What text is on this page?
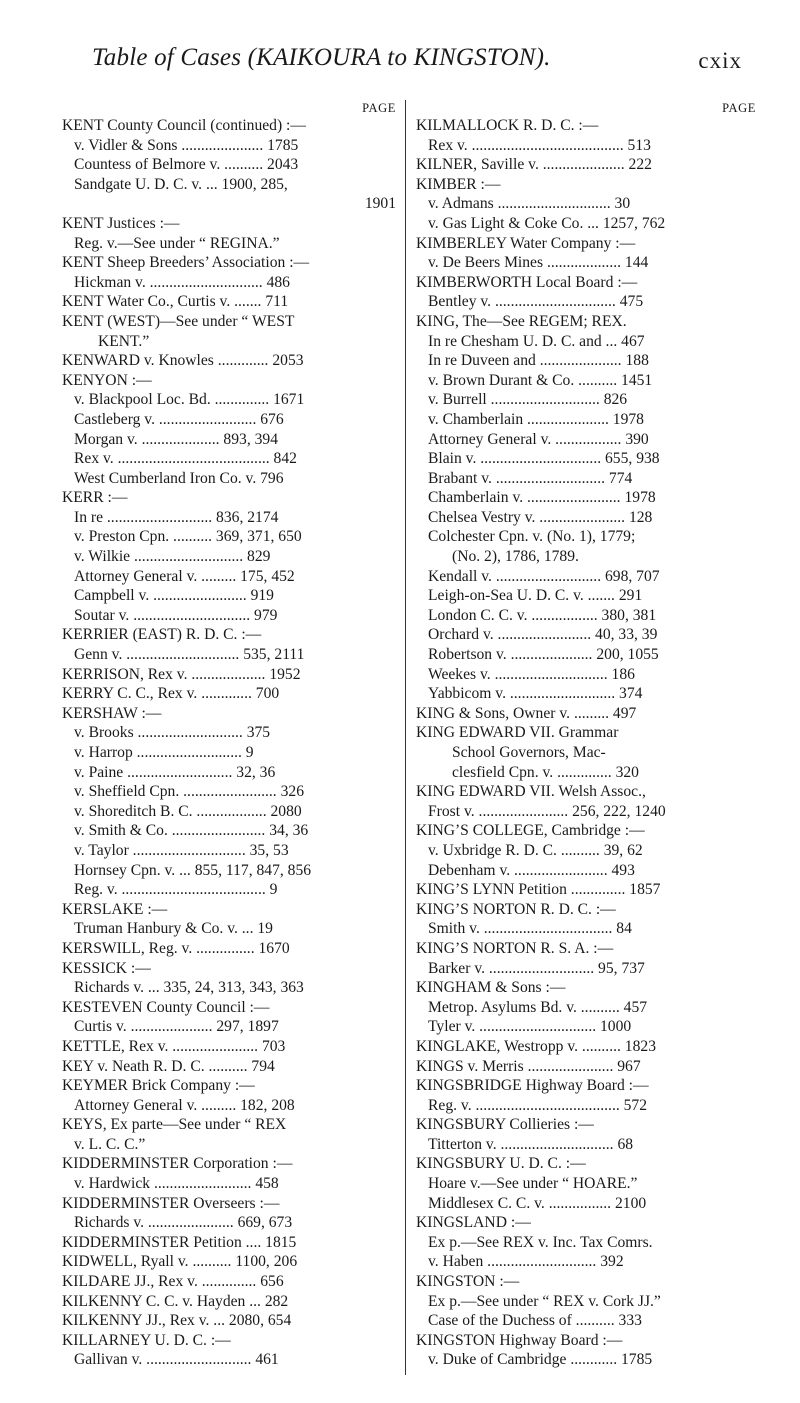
Table of Cases (KAIKOURA to KINGSTON).	cxix
PAGE
KENT County Council (continued) :—
v. Vidler & Sons ..................... 1785
Countess of Belmore v. .......... 2043
Sandgate U. D. C. v. ... 1900, 285,
1901
KENT Justices :—
Reg. v.—See under “ REGINA.”
KENT Sheep Breeders’ Association :—
Hickman v. ............................. 486
KENT Water Co., Curtis v. ....... 711
KENT (WEST)—See under “ WEST
KENT.”
KENWARD v. Knowles ............. 2053
KENYON :—
v. Blackpool Loc. Bd. .............. 1671
Castleberg v. ......................... 676
Morgan v. .................... 893, 394
Rex v. ....................................... 842
West Cumberland Iron Co. v. 796
KERR :—
In re ........................... 836, 2174
v. Preston Cpn. .......... 369, 371, 650
v. Wilkie ............................ 829
Attorney General v. ......... 175, 452
Campbell v. ........................ 919
Soutar v. .............................. 979
KERRIER (EAST) R. D. C. :—
Genn v. ............................. 535, 2111
KERRISON, Rex v. ................... 1952
KERRY C. C., Rex v. ............. 700
KERSHAW :—
v. Brooks ........................... 375
v. Harrop ........................... 9
v. Paine ........................... 32, 36
v. Sheffield Cpn. ........................ 326
v. Shoreditch B. C. .................. 2080
v. Smith & Co. ........................ 34, 36
v. Taylor ............................. 35, 53
Hornsey Cpn. v. ... 855, 117, 847, 856
Reg. v. ..................................... 9
KERSLAKE :—
Truman Hanbury & Co. v. ... 19
KERSWILL, Reg. v. ............... 1670
KESSICK :—
Richards v. ... 335, 24, 313, 343, 363
KESTEVEN County Council :—
Curtis v. ..................... 297, 1897
KETTLE, Rex v. ...................... 703
KEY v. Neath R. D. C. .......... 794
KEYMER Brick Company :—
Attorney General v. ......... 182, 208
KEYS, Ex parte—See under “ REX
v. L. C. C.”
KIDDERMINSTER Corporation :—
v. Hardwick ......................... 458
KIDDERMINSTER Overseers :—
Richards v. ...................... 669, 673
KIDDERMINSTER Petition .... 1815
KIDWELL, Ryall v. .......... 1100, 206
KILDARE JJ., Rex v. .............. 656
KILKENNY C. C. v. Hayden ... 282
KILKENNY JJ., Rex v. ... 2080, 654
KILLARNEY U. D. C. :—
Gallivan v. ........................... 461
PAGE
KILMALLOCK R. D. C. :—
Rex v. ....................................... 513
KILNER, Saville v. ..................... 222
KIMBER :—
v. Admans ............................. 30
v. Gas Light & Coke Co. ... 1257, 762
KIMBERLEY Water Company :—
v. De Beers Mines ................... 144
KIMBERWORTH Local Board :—
Bentley v. ............................... 475
KING, The—See REGEM; REX.
In re Chesham U. D. C. and ... 467
In re Duveen and ..................... 188
v. Brown Durant & Co. .......... 1451
v. Burrell ............................ 826
v. Chamberlain ..................... 1978
Attorney General v. ................. 390
Blain v. ............................... 655, 938
Brabant v. ............................ 774
Chamberlain v. ........................ 1978
Chelsea Vestry v. ...................... 128
Colchester Cpn. v. (No. 1), 1779;
(No. 2), 1786, 1789.
Kendall v. ........................... 698, 707
Leigh-on-Sea U. D. C. v. ....... 291
London C. C. v. ................. 380, 381
Orchard v. ........................ 40, 33, 39
Robertson v. ..................... 200, 1055
Weekes v. ............................. 186
Yabbicom v. ........................... 374
KING & Sons, Owner v. ......... 497
KING EDWARD VII. Grammar
School Governors, Mac-
clesfield Cpn. v. .............. 320
KING EDWARD VII. Welsh Assoc.,
Frost v. ....................... 256, 222, 1240
KING’S COLLEGE, Cambridge :—
v. Uxbridge R. D. C. .......... 39, 62
Debenham v. ........................ 493
KING’S LYNN Petition .............. 1857
KING’S NORTON R. D. C. :—
Smith v. ................................. 84
KING’S NORTON R. S. A. :—
Barker v. ........................... 95, 737
KINGHAM & Sons :—
Metrop. Asylums Bd. v. .......... 457
Tyler v. .............................. 1000
KINGLAKE, Westropp v. .......... 1823
KINGS v. Merris ...................... 967
KINGSBRIDGE Highway Board :—
Reg. v. ..................................... 572
KINGSBURY Collieries :—
Titterton v. ............................. 68
KINGSBURY U. D. C. :—
Hoare v.—See under “ HOARE.”
Middlesex C. C. v. ................ 2100
KINGSLAND :—
Ex p.—See REX v. Inc. Tax Comrs.
v. Haben ............................ 392
KINGSTON :—
Ex p.—See under “ REX v. Cork JJ.”
Case of the Duchess of .......... 333
KINGSTON Highway Board :—
v. Duke of Cambridge ............ 1785
